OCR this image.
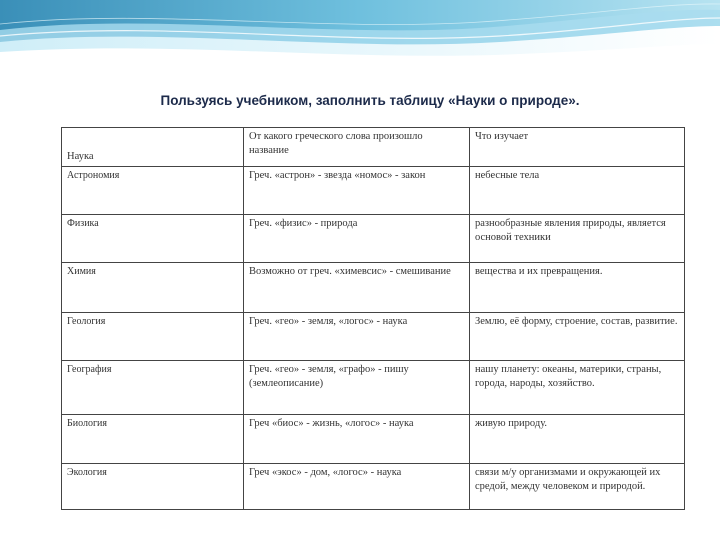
Пользуясь учебником, заполнить таблицу «Науки о природе».
Наука	От какого греческого слова произошло название	Что изучает
Астрономия	Греч. «астрон» - звезда «номос» - закон	небесные тела
Физика	Греч. «физис» - природа	разнообразные явления природы, является основой техники
Химия	Возможно от греч. «химевсис» - смешивание	вещества и их превращения.
Геология	Греч. «гео» - земля, «логос» - наука	Землю, её форму, строение, состав, развитие.
География	Греч. «гео» - земля, «графо» - пишу (землеописание)	нашу планету: океаны, материки, страны, города, народы, хозяйство.
Биология	Греч «биос» - жизнь, «логос» - наука	живую природу.
Экология	Греч «экос» - дом, «логос» - наука	связи м/у организмами и окружающей их средой, между человеком и природой.
